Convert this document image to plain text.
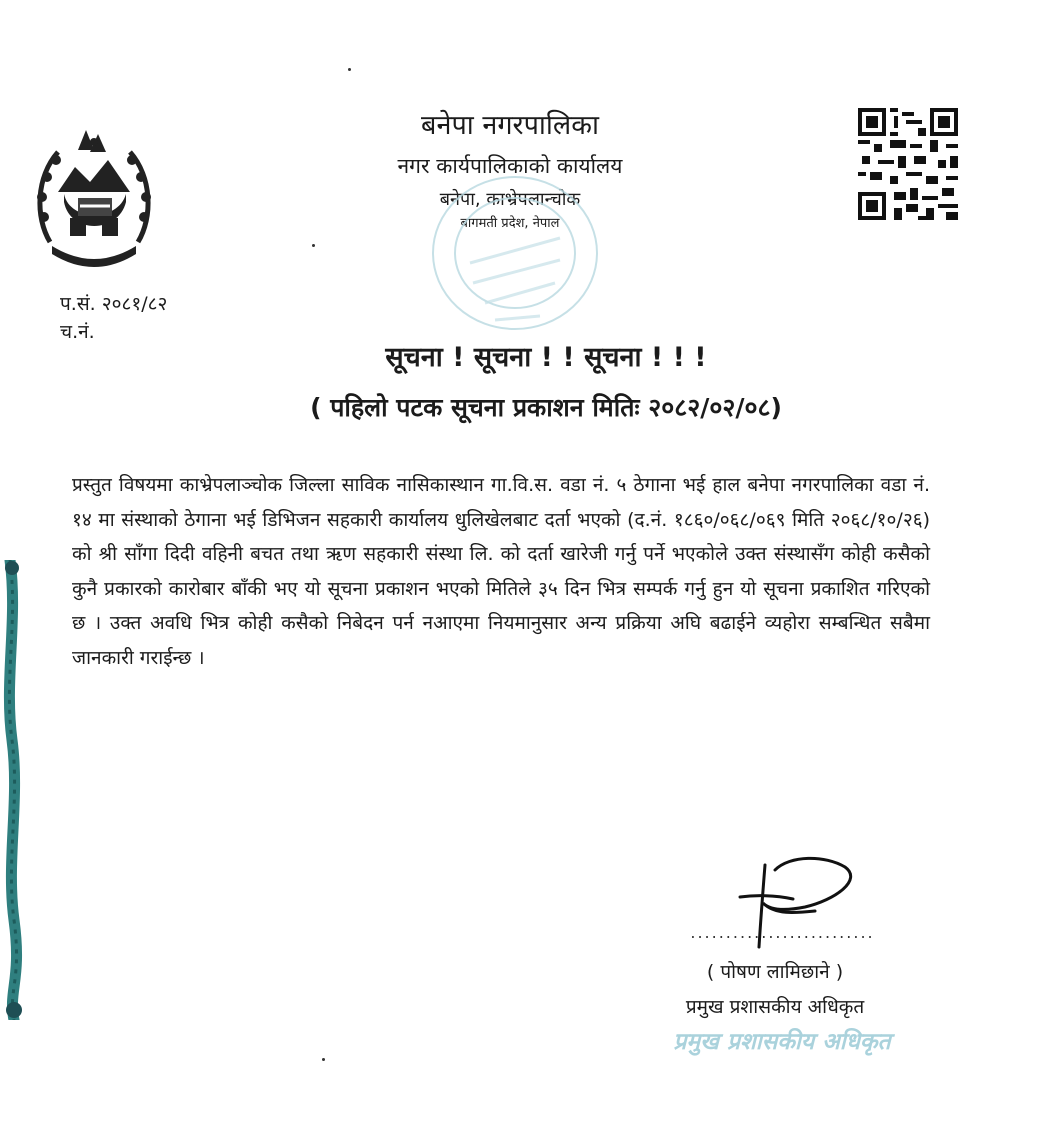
बनेपा नगरपालिका
नगर कार्यपालिकाको कार्यालय
बनेपा, काभ्रेपलान्चोक
बागमती प्रदेश, नेपाल
प.सं. २०८१/८२
च.नं.
सूचना ! सूचना ! ! सूचना ! ! !
( पहिलो पटक सूचना प्रकाशन मितिः २०८२/०२/०८)
प्रस्तुत विषयमा काभ्रेपलाञ्चोक जिल्ला साविक नासिकास्थान गा.वि.स. वडा नं. ५ ठेगाना भई हाल बनेपा नगरपालिका वडा नं. १४ मा संस्थाको ठेगाना भई डिभिजन सहकारी कार्यालय धुलिखेलबाट दर्ता भएको (द.नं. १८६०/०६८/०६९ मिति २०६८/१०/२६) को श्री साँगा दिदी वहिनी बचत तथा ऋण सहकारी संस्था लि. को दर्ता खारेजी गर्नु पर्ने भएकोले उक्त संस्थासँग कोही कसैको कुनै प्रकारको कारोबार बाँकी भए यो सूचना प्रकाशन भएको मितिले ३५ दिन भित्र सम्पर्क गर्नु हुन यो सूचना प्रकाशित गरिएको छ । उक्त अवधि भित्र कोही कसैको निबेदन पर्न नआएमा नियमानुसार अन्य प्रक्रिया अघि बढाईने व्यहोरा सम्बन्धित सबैमा जानकारी गराईन्छ ।
..........................
( पोषण लामिछाने )
प्रमुख प्रशासकीय अधिकृत
प्रमुख प्रशासकीय अधिकृत
